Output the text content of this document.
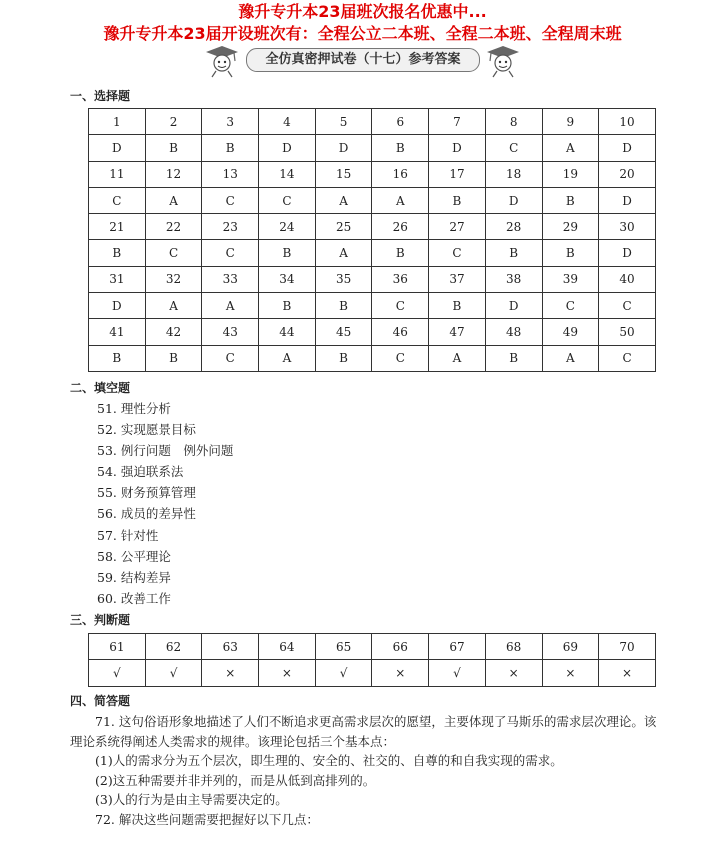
豫升专升本23届班次报名优惠中...
豫升专升本23届开设班次有：全程公立二本班、全程二本班、全程周末班
全仿真密押试卷（十七）参考答案
一、选择题
1	2	3	4	5	6	7	8	9	10
D	B	B	D	D	B	D	C	A	D
11	12	13	14	15	16	17	18	19	20
C	A	C	C	A	A	B	D	B	D
21	22	23	24	25	26	27	28	29	30
B	C	C	B	A	B	C	B	B	D
31	32	33	34	35	36	37	38	39	40
D	A	A	B	B	C	B	D	C	C
41	42	43	44	45	46	47	48	49	50
B	B	C	A	B	C	A	B	A	C
二、填空题
51. 理性分析
52. 实现愿景目标
53. 例行问题　例外问题
54. 强迫联系法
55. 财务预算管理
56. 成员的差异性
57. 针对性
58. 公平理论
59. 结构差异
60. 改善工作
三、判断题
61	62	63	64	65	66	67	68	69	70
√	√	×	×	√	×	√	×	×	×
四、简答题

71. 这句俗语形象地描述了人们不断追求更高需求层次的愿望，主要体现了马斯乐的需求层次理论。该理论系统得阐述人类需求的规律。该理论包括三个基本点：

(1)人的需求分为五个层次，即生理的、安全的、社交的、自尊的和自我实现的需求。

(2)这五种需要并非并列的，而是从低到高排列的。

(3)人的行为是由主导需要决定的。

72. 解决这些问题需要把握好以下几点：
